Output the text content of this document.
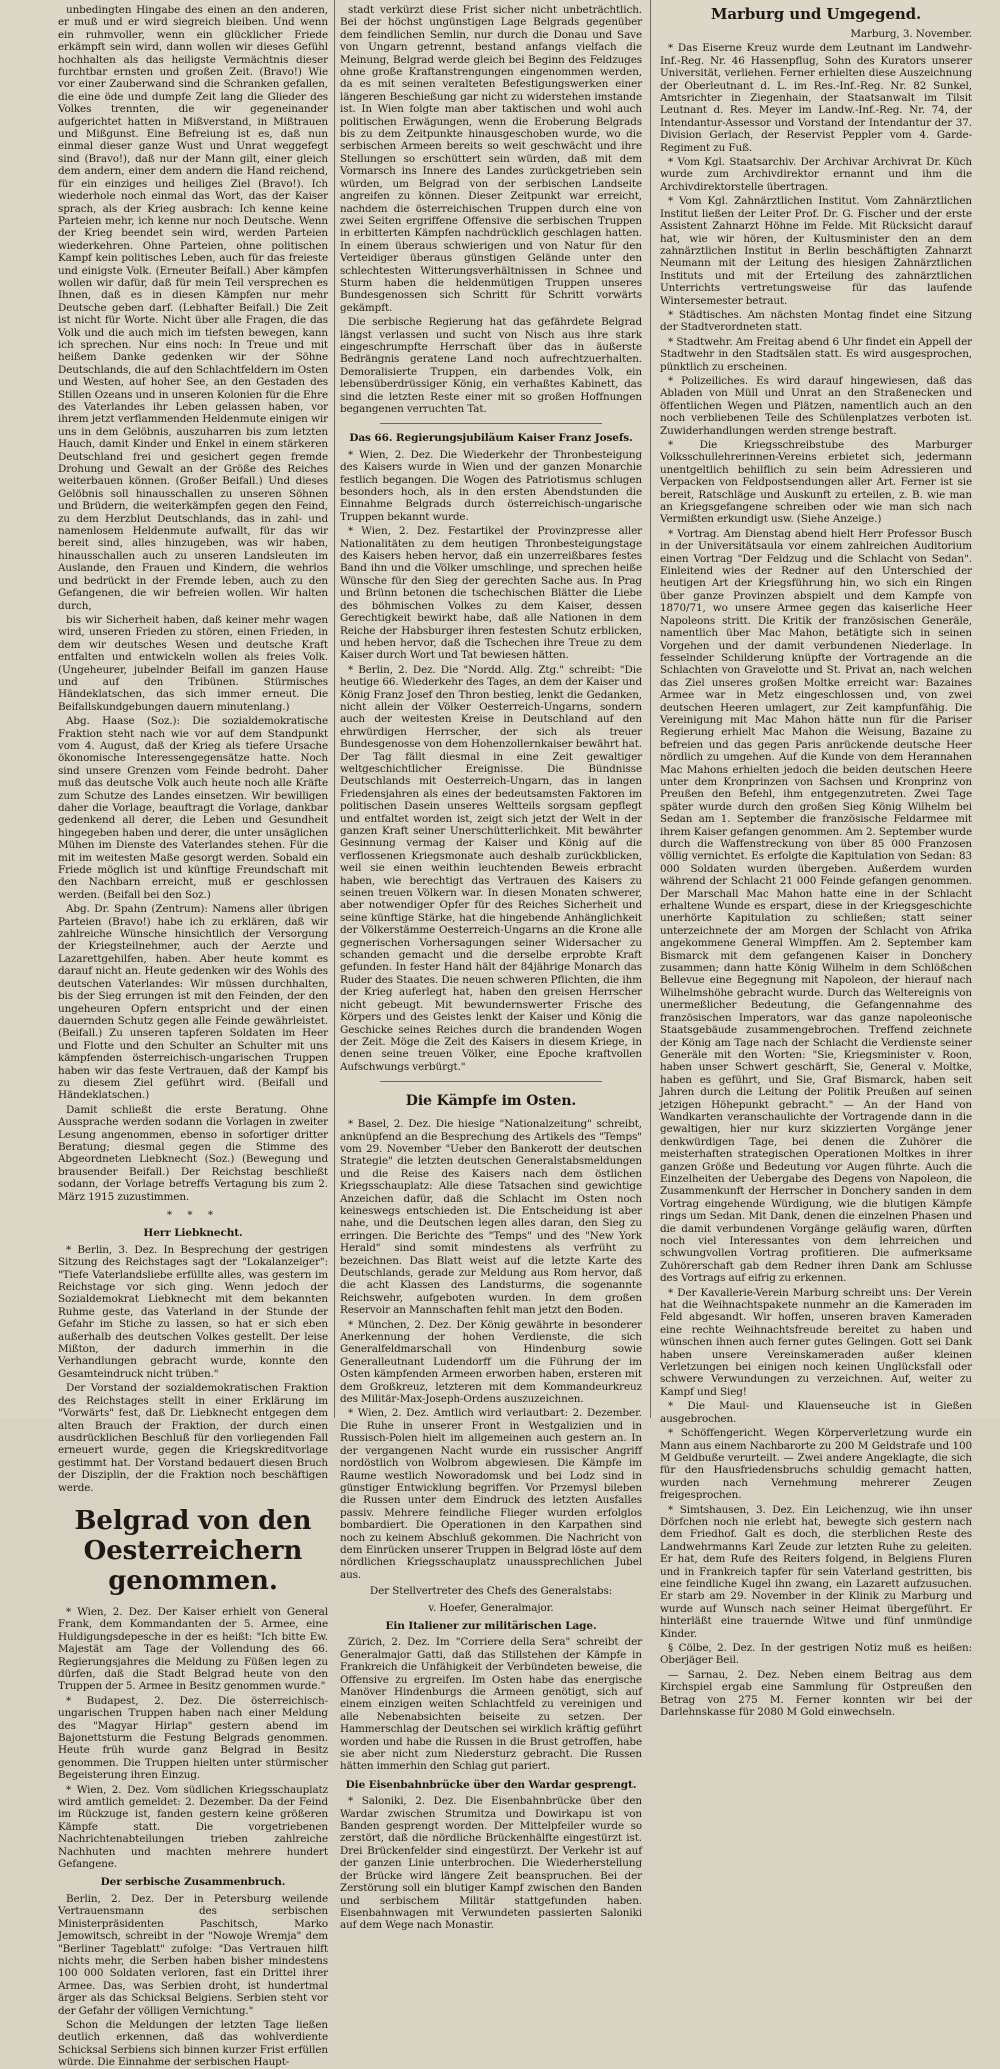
unbedingten Hingabe des einen an den anderen, er muß und er wird siegreich bleiben. Und wenn ein ruhmvoller, wenn ein glücklicher Friede erkämpft sein wird, dann wollen wir dieses Gefühl hochhalten als das heiligste Vermächtnis dieser furchtbar ernsten und großen Zeit. (Bravo!) Wie vor einer Zauberwand sind die Schranken gefallen, die eine öde und dumpfe Zeit lang die Glieder des Volkes trennten, die wir gegeneinander aufgerichtet hatten in Mißverstand, in Mißtrauen und Mißgunst. Eine Befreiung ist es, daß nun einmal dieser ganze Wust und Unrat weggefegt sind (Bravo!), daß nur der Mann gilt, einer gleich dem andern, einer dem andern die Hand reichend, für ein einziges und heiliges Ziel (Bravo!). Ich wiederhole noch einmal das Wort, das der Kaiser sprach, als der Krieg ausbrach: Ich kenne keine Parteien mehr, ich kenne nur noch Deutsche. Wenn der Krieg beendet sein wird, werden Parteien wiederkehren. Ohne Parteien, ohne politischen Kampf kein politisches Leben, auch für das freieste und einigste Volk. (Erneuter Beifall.) Aber kämpfen wollen wir dafür, daß für mein Teil versprechen es Ihnen, daß es in diesen Kämpfen nur mehr Deutsche geben darf. (Lebhafter Beifall.) Die Zeit ist nicht für Worte. Nicht über alle Fragen, die das Volk und die auch mich im tiefsten bewegen, kann ich sprechen. Nur eins noch: In Treue und mit heißem Danke gedenken wir der Söhne Deutschlands, die auf den Schlachtfeldern im Osten und Westen, auf hoher See, an den Gestaden des Stillen Ozeans und in unseren Kolonien für die Ehre des Vaterlandes ihr Leben gelassen haben, vor ihrem jetzt verflammenden Heldenmute einigen wir uns in dem Gelöbnis, auszuharren bis zum letzten Hauch, damit Kinder und Enkel in einem stärkeren Deutschland frei und gesichert gegen fremde Drohung und Gewalt an der Größe des Reiches weiterbauen können. (Großer Beifall.) Und dieses Gelöbnis soll hinausschallen zu unseren Söhnen und Brüdern, die weiterkämpfen gegen den Feind, zu dem Herzblut Deutschlands, das in zahl- und namenlosem Heldenmute aufwallt, für das wir bereit sind, alles hinzugeben, was wir haben, hinausschallen auch zu unseren Landsleuten im Auslande, den Frauen und Kindern, die wehrlos und bedrückt in der Fremde leben, auch zu den Gefangenen, die wir befreien wollen. Wir halten durch,

bis wir Sicherheit haben, daß keiner mehr wagen wird, unseren Frieden zu stören, einen Frieden, in dem wir deutsches Wesen und deutsche Kraft entfalten und entwickeln wollen als freies Volk. (Ungeheurer, jubelnder Beifall im ganzen Hause und auf den Tribünen. Stürmisches Händeklatschen, das sich immer erneut. Die Beifallskundgebungen dauern minutenlang.)

Abg. Haase (Soz.): Die sozialdemokratische Fraktion steht nach wie vor auf dem Standpunkt vom 4. August, daß der Krieg als tiefere Ursache ökonomische Interessengegensätze hatte. Noch sind unsere Grenzen vom Feinde bedroht. Daher muß das deutsche Volk auch heute noch alle Kräfte zum Schutze des Landes einsetzen. Wir bewilligen daher die Vorlage, beauftragt die Vorlage, dankbar gedenkend all derer, die Leben und Gesundheit hingegeben haben und derer, die unter unsäglichen Mühen im Dienste des Vaterlandes stehen. Für die mit im weitesten Maße gesorgt werden. Sobald ein Friede möglich ist und künftige Freundschaft mit den Nachbarn erreicht, muß er geschlossen werden. (Beifall bei den Soz.)

Abg. Dr. Spahn (Zentrum): Namens aller übrigen Parteien (Bravo!) habe ich zu erklären, daß wir zahlreiche Wünsche hinsichtlich der Versorgung der Kriegsteilnehmer, auch der Aerzte und Lazarettgehilfen, haben. Aber heute kommt es darauf nicht an. Heute gedenken wir des Wohls des deutschen Vaterlandes: Wir müssen durchhalten, bis der Sieg errungen ist mit den Feinden, der den ungeheuren Opfern entspricht und der einen dauernden Schutz gegen alle Feinde gewährleistet. (Beifall.) Zu unseren tapferen Soldaten im Heer und Flotte und den Schulter an Schulter mit uns kämpfenden österreichisch-ungarischen Truppen haben wir das feste Vertrauen, daß der Kampf bis zu diesem Ziel geführt wird. (Beifall und Händeklatschen.)

Damit schließt die erste Beratung. Ohne Aussprache werden sodann die Vorlagen in zweiter Lesung angenommen, ebenso in sofortiger dritter Beratung; diesmal gegen die Stimme des Abgeordneten Liebknecht (Soz.) (Bewegung und brausender Beifall.) Der Reichstag beschließt sodann, der Vorlage betreffs Vertagung bis zum 2. März 1915 zuzustimmen.

* * *

Herr Liebknecht.

* Berlin, 3. Dez. In Besprechung der gestrigen Sitzung des Reichstages sagt der "Lokalanzeiger": "Tiefe Vaterlandsliebe erfüllte alles, was gestern im Reichstage vor sich ging. Wenn jedoch der Sozialdemokrat Liebknecht mit dem bekannten Ruhme geste, das Vaterland in der Stunde der Gefahr im Stiche zu lassen, so hat er sich eben außerhalb des deutschen Volkes gestellt. Der leise Mißton, der dadurch immerhin in die Verhandlungen gebracht wurde, konnte den Gesamteindruck nicht trüben."

Der Vorstand der sozialdemokratischen Fraktion des Reichstages stellt in einer Erklärung im "Vorwärts" fest, daß Dr. Liebknecht entgegen dem alten Brauch der Fraktion, der durch einen ausdrücklichen Beschluß für den vorliegenden Fall erneuert wurde, gegen die Kriegskreditvorlage gestimmt hat. Der Vorstand bedauert diesen Bruch der Disziplin, der die Fraktion noch beschäftigen werde.

Belgrad von den Oesterreichern genommen.

* Wien, 2. Dez. Der Kaiser erhielt von General Frank, dem Kommandanten der 5. Armee, eine Huldigungsdepesche in der es heißt: "Ich bitte Ew. Majestät am Tage der Vollendung des 66. Regierungsjahres die Meldung zu Füßen legen zu dürfen, daß die Stadt Belgrad heute von den Truppen der 5. Armee in Besitz genommen wurde."

* Budapest, 2. Dez. Die österreichisch-ungarischen Truppen haben nach einer Meldung des "Magyar Hirlap" gestern abend im Bajonettsturm die Festung Belgrads genommen. Heute früh wurde ganz Belgrad in Besitz genommen. Die Truppen hielten unter stürmischer Begeisterung ihren Einzug.

* Wien, 2. Dez. Vom südlichen Kriegsschauplatz wird amtlich gemeldet: 2. Dezember. Da der Feind im Rückzuge ist, fanden gestern keine größeren Kämpfe statt. Die vorgetriebenen Nachrichtenabteilungen trieben zahlreiche Nachhuten und machten mehrere hundert Gefangene.

Der serbische Zusammenbruch.

Berlin, 2. Dez. Der in Petersburg weilende Vertrauensmann des serbischen Ministerpräsidenten Paschitsch, Marko Jemowitsch, schreibt in der "Nowoje Wremja" dem "Berliner Tageblatt" zufolge: "Das Vertrauen hilft nichts mehr, die Serben haben bisher mindestens 100 000 Soldaten verloren, fast ein Drittel ihrer Armee. Das, was Serbien droht, ist hundertmal ärger als das Schicksal Belgiens. Serbien steht vor der Gefahr der völligen Vernichtung."

Schon die Meldungen der letzten Tage ließen deutlich erkennen, daß das wohlverdiente Schicksal Serbiens sich binnen kurzer Frist erfüllen würde. Die Einnahme der serbischen Haupt-

stadt verkürzt diese Frist sicher nicht unbeträchtlich. Bei der höchst ungünstigen Lage Belgrads gegenüber dem feindlichen Semlin, nur durch die Donau und Save von Ungarn getrennt, bestand anfangs vielfach die Meinung, Belgrad werde gleich bei Beginn des Feldzuges ohne große Kraftanstrengungen eingenommen werden, da es mit seinen veralteten Befestigungswerken einer längeren Beschießung gar nicht zu widerstehen imstande ist. In Wien folgte man aber taktischen und wohl auch politischen Erwägungen, wenn die Eroberung Belgrads bis zu dem Zeitpunkte hinausgeschoben wurde, wo die serbischen Armeen bereits so weit geschwächt und ihre Stellungen so erschüttert sein würden, daß mit dem Vormarsch ins Innere des Landes zurückgetrieben sein würden, um Belgrad von der serbischen Landseite angreifen zu können. Dieser Zeitpunkt war erreicht, nachdem die österreichischen Truppen durch eine von zwei Seiten ergriffene Offensive die serbischen Truppen in erbitterten Kämpfen nachdrücklich geschlagen hatten. In einem überaus schwierigen und von Natur für den Verteidiger überaus günstigen Gelände unter den schlechtesten Witterungsverhältnissen in Schnee und Sturm haben die heldenmütigen Truppen unseres Bundesgenossen sich Schritt für Schritt vorwärts gekämpft.

Die serbische Regierung hat das gefährdete Belgrad längst verlassen und sucht von Nisch aus ihre stark eingeschrumpfte Herrschaft über das in äußerste Bedrängnis geratene Land noch aufrechtzuerhalten. Demoralisierte Truppen, ein darbendes Volk, ein lebensüberdrüssiger König, ein verhaßtes Kabinett, das sind die letzten Reste einer mit so großen Hoffnungen begangenen verruchten Tat.

Das 66. Regierungsjubiläum Kaiser Franz Josefs.

* Wien, 2. Dez. Die Wiederkehr der Thronbesteigung des Kaisers wurde in Wien und der ganzen Monarchie festlich begangen. Die Wogen des Patriotismus schlugen besonders hoch, als in den ersten Abendstunden die Einnahme Belgrads durch österreichisch-ungarische Truppen bekannt wurde.

* Wien, 2. Dez. Festartikel der Provinzpresse aller Nationalitäten zu dem heutigen Thronbesteigungstage des Kaisers heben hervor, daß ein unzerreißbares festes Band ihn und die Völker umschlinge, und sprechen heiße Wünsche für den Sieg der gerechten Sache aus. In Prag und Brünn betonen die tschechischen Blätter die Liebe des böhmischen Volkes zu dem Kaiser, dessen Gerechtigkeit bewirkt habe, daß alle Nationen in dem Reiche der Habsburger ihren festesten Schutz erblicken, und heben hervor, daß die Tschechen ihre Treue zu dem Kaiser durch Wort und Tat bewiesen hätten.

* Berlin, 2. Dez. Die "Nordd. Allg. Ztg." schreibt: "Die heutige 66. Wiederkehr des Tages, an dem der Kaiser und König Franz Josef den Thron bestieg, lenkt die Gedanken, nicht allein der Völker Oesterreich-Ungarns, sondern auch der weitesten Kreise in Deutschland auf den ehrwürdigen Herrscher, der sich als treuer Bundesgenosse von dem Hohenzollernkaiser bewährt hat. Der Tag fällt diesmal in eine Zeit gewaltiger weltgeschichtlicher Ereignisse. Die Bündnisse Deutschlands mit Oesterreich-Ungarn, das in langen Friedensjahren als eines der bedeutsamsten Faktoren im politischen Dasein unseres Weltteils sorgsam gepflegt und entfaltet worden ist, zeigt sich jetzt der Welt in der ganzen Kraft seiner Unerschütterlichkeit. Mit bewährter Gesinnung vermag der Kaiser und König auf die verflossenen Kriegsmonate auch deshalb zurückblicken, weil sie einen weithin leuchtenden Beweis erbracht haben, wie berechtigt das Vertrauen des Kaisers zu seinen treuen Völkern war. In diesen Monaten schwerer, aber notwendiger Opfer für des Reiches Sicherheit und seine künftige Stärke, hat die hingebende Anhänglichkeit der Völkerstämme Oesterreich-Ungarns an die Krone alle gegnerischen Vorhersagungen seiner Widersacher zu schanden gemacht und die derselbe erprobte Kraft gefunden. In fester Hand hält der 84jährige Monarch das Ruder des Staates. Die neuen schweren Pflichten, die ihm der Krieg auferlegt hat, haben den greisen Herrscher nicht gebeugt. Mit bewundernswerter Frische des Körpers und des Geistes lenkt der Kaiser und König die Geschicke seines Reiches durch die brandenden Wogen der Zeit. Möge die Zeit des Kaisers in diesem Kriege, in denen seine treuen Völker, eine Epoche kraftvollen Aufschwungs verbürgt."

Die Kämpfe im Osten.

* Basel, 2. Dez. Die hiesige "Nationalzeitung" schreibt, anknüpfend an die Besprechung des Artikels des "Temps" vom 29. November "Ueber den Bankerott der deutschen Strategie" die letzten deutschen Generalstabsmeldungen und die Reise des Kaisers nach dem östlichen Kriegsschauplatz: Alle diese Tatsachen sind gewichtige Anzeichen dafür, daß die Schlacht im Osten noch keineswegs entschieden ist. Die Entscheidung ist aber nahe, und die Deutschen legen alles daran, den Sieg zu erringen. Die Berichte des "Temps" und des "New York Herald" sind somit mindestens als verfrüht zu bezeichnen. Das Blatt weist auf die letzte Karte des Deutschlands, gerade zur Meldung aus Rom hervor, daß die acht Klassen des Landsturms, die sogenannte Reichswehr, aufgeboten wurden. In dem großen Reservoir an Mannschaften fehlt man jetzt den Boden.

* München, 2. Dez. Der König gewährte in besonderer Anerkennung der hohen Verdienste, die sich Generalfeldmarschall von Hindenburg sowie Generalleutnant Ludendorff um die Führung der im Osten kämpfenden Armeen erworben haben, ersteren mit dem Großkreuz, letzteren mit dem Kommandeurkreuz des Militär-Max-Joseph-Ordens auszuzeichnen.

* Wien, 2. Dez. Amtlich wird verlautbart: 2. Dezember. Die Ruhe in unserer Front in Westgalizien und in Russisch-Polen hielt im allgemeinen auch gestern an. In der vergangenen Nacht wurde ein russischer Angriff nordöstlich von Wolbrom abgewiesen. Die Kämpfe im Raume westlich Noworadomsk und bei Lodz sind in günstiger Entwicklung begriffen. Vor Przemysl bileben die Russen unter dem Eindruck des letzten Ausfalles passiv. Mehrere feindliche Flieger wurden erfolglos bombardiert. Die Operationen in den Karpathen sind noch zu keinem Abschluß gekommen. Die Nachricht von dem Einrücken unserer Truppen in Belgrad löste auf dem nördlichen Kriegsschauplatz unaussprechlichen Jubel aus.

Der Stellvertreter des Chefs des Generalstabs:

v. Hoefer, Generalmajor.

Ein Italiener zur militärischen Lage.

Zürich, 2. Dez. Im "Corriere della Sera" schreibt der Generalmajor Gatti, daß das Stillstehen der Kämpfe in Frankreich die Unfähigkeit der Verbündeten beweise, die Offensive zu ergreifen. Im Osten habe das energische Manöver Hindenburgs die Armeen genötigt, sich auf einem einzigen weiten Schlachtfeld zu vereinigen und alle Nebenabsichten beiseite zu setzen. Der Hammerschlag der Deutschen sei wirklich kräftig geführt worden und habe die Russen in die Brust getroffen, habe sie aber nicht zum Niedersturz gebracht. Die Russen hätten immerhin den Schlag gut pariert.

Die Eisenbahnbrücke über den Wardar gesprengt.

* Saloniki, 2. Dez. Die Eisenbahnbrücke über den Wardar zwischen Strumitza und Dowirkapu ist von Banden gesprengt worden. Der Mittelpfeiler wurde so zerstört, daß die nördliche Brückenhälfte eingestürzt ist. Drei Brückenfelder sind eingestürzt. Der Verkehr ist auf der ganzen Linie unterbrochen. Die Wiederherstellung der Brücke wird längere Zeit beanspruchen. Bei der Zerstörung soll ein blutiger Kampf zwischen den Banden und serbischem Militär stattgefunden haben. Eisenbahnwagen mit Verwundeten passierten Saloniki auf dem Wege nach Monastir.

Marburg und Umgegend.

Marburg, 3. November.

* Das Eiserne Kreuz wurde dem Leutnant im Landwehr-Inf.-Reg. Nr. 46 Hassenpflug, Sohn des Kurators unserer Universität, verliehen. Ferner erhielten diese Auszeichnung der Oberleutnant d. L. im Res.-Inf.-Reg. Nr. 82 Sunkel, Amtsrichter in Ziegenhain, der Staatsanwalt im Tilsit Leutnant d. Res. Meyer im Landw.-Inf.-Reg. Nr. 74, der Intendantur-Assessor und Vorstand der Intendantur der 37. Division Gerlach, der Reservist Peppler vom 4. Garde-Regiment zu Fuß.

* Vom Kgl. Staatsarchiv. Der Archivar Archivrat Dr. Küch wurde zum Archivdirektor ernannt und ihm die Archivdirektorstelle übertragen.

* Vom Kgl. Zahnärztlichen Institut. Vom Zahnärztlichen Institut ließen der Leiter Prof. Dr. G. Fischer und der erste Assistent Zahnarzt Höhne im Felde. Mit Rücksicht darauf hat, wie wir hören, der Kultusminister den an dem zahnärztlichen Institut in Berlin beschäftigten Zahnarzt Neumann mit der Leitung des hiesigen Zahnärztlichen Instituts und mit der Erteilung des zahnärztlichen Unterrichts vertretungsweise für das laufende Wintersemester betraut.

* Städtisches. Am nächsten Montag findet eine Sitzung der Stadtverordneten statt.

* Stadtwehr. Am Freitag abend 6 Uhr findet ein Appell der Stadtwehr in den Stadtsälen statt. Es wird ausgesprochen, pünktlich zu erscheinen.

* Polizeiliches. Es wird darauf hingewiesen, daß das Abladen von Müll und Unrat an den Straßenecken und öffentlichen Wegen und Plätzen, namentlich auch an den noch verbliebenen Teile des Schülenplatzes verboten ist. Zuwiderhandlungen werden strenge bestraft.

* Die Kriegsschreibstube des Marburger Volksschullehrerinnen-Vereins erbietet sich, jedermann unentgeltlich behilflich zu sein beim Adressieren und Verpacken von Feldpostsendungen aller Art. Ferner ist sie bereit, Ratschläge und Auskunft zu erteilen, z. B. wie man an Kriegsgefangene schreiben oder wie man sich nach Vermißten erkundigt usw. (Siehe Anzeige.)

* Vortrag. Am Dienstag abend hielt Herr Professor Busch in der Universitätsaula vor einem zahlreichen Auditorium einen Vortrag "Der Feldzug und die Schlacht von Sedan". Einleitend wies der Redner auf den Unterschied der heutigen Art der Kriegsführung hin, wo sich ein Ringen über ganze Provinzen abspielt und dem Kampfe von 1870/71, wo unsere Armee gegen das kaiserliche Heer Napoleons stritt. Die Kritik der französischen Generäle, namentlich über Mac Mahon, betätigte sich in seinen Vorgehen und der damit verbundenen Niederlage. In fesselnder Schilderung knüpfte der Vortragende an die Schlachten von Gravelotte und St. Privat an, nach welchen das Ziel unseres großen Moltke erreicht war: Bazaines Armee war in Metz eingeschlossen und, von zwei deutschen Heeren umlagert, zur Zeit kampfunfähig. Die Vereinigung mit Mac Mahon hätte nun für die Pariser Regierung erhielt Mac Mahon die Weisung, Bazaine zu befreien und das gegen Paris anrückende deutsche Heer nördlich zu umgehen. Auf die Kunde von dem Herannahen Mac Mahons erhielten jedoch die beiden deutschen Heere unter dem Kronprinzen von Sachsen und Kronprinz von Preußen den Befehl, ihm entgegenzutreten. Zwei Tage später wurde durch den großen Sieg König Wilhelm bei Sedan am 1. September die französische Feldarmee mit ihrem Kaiser gefangen genommen. Am 2. September wurde durch die Waffenstreckung von über 85 000 Franzosen völlig vernichtet. Es erfolgte die Kapitulation von Sedan: 83 000 Soldaten wurden übergeben. Außerdem wurden während der Schlacht 21 000 Feinde gefangen genommen. Der Marschall Mac Mahon hatte eine in der Schlacht erhaltene Wunde es erspart, diese in der Kriegsgeschichte unerhörte Kapitulation zu schließen; statt seiner unterzeichnete der am Morgen der Schlacht von Afrika angekommene General Wimpffen. Am 2. September kam Bismarck mit dem gefangenen Kaiser in Donchery zusammen; dann hatte König Wilhelm in dem Schlößchen Bellevue eine Begegnung mit Napoleon, der hierauf nach Wilhelmshöhe gebracht wurde. Durch das Weltereignis von unermeßlicher Bedeutung, die Gefangennahme des französischen Imperators, war das ganze napoleonische Staatsgebäude zusammengebrochen. Treffend zeichnete der König am Tage nach der Schlacht die Verdienste seiner Generäle mit den Worten: "Sie, Kriegsminister v. Roon, haben unser Schwert geschärft, Sie, General v. Moltke, haben es geführt, und Sie, Graf Bismarck, haben seit Jahren durch die Leitung der Politik Preußen auf seinen jetzigen Höhepunkt gebracht." — An der Hand von Wandkarten veranschaulichte der Vortragende dann in die gewaltigen, hier nur kurz skizzierten Vorgänge jener denkwürdigen Tage, bei denen die Zuhörer die meisterhaften strategischen Operationen Moltkes in ihrer ganzen Größe und Bedeutung vor Augen führte. Auch die Einzelheiten der Uebergabe des Degens von Napoleon, die Zusammenkunft der Herrscher in Donchery sanden in dem Vortrag eingehende Würdigung, wie die blutigen Kämpfe rings um Sedan. Mit Dank, denen die einzelnen Phasen und die damit verbundenen Vorgänge geläufig waren, dürften noch viel Interessantes von dem lehrreichen und schwungvollen Vortrag profitieren. Die aufmerksame Zuhörerschaft gab dem Redner ihren Dank am Schlusse des Vortrags auf eifrig zu erkennen.

* Der Kavallerie-Verein Marburg schreibt uns: Der Verein hat die Weihnachtspakete nunmehr an die Kameraden im Feld abgesandt. Wir hoffen, unseren braven Kameraden eine rechte Weihnachtsfreude bereitet zu haben und wünschen ihnen auch ferner gutes Gelingen. Gott sei Dank haben unsere Vereinskameraden außer kleinen Verletzungen bei einigen noch keinen Unglücksfall oder schwere Verwundungen zu verzeichnen. Auf, weiter zu Kampf und Sieg!

* Die Maul- und Klauenseuche ist in Gießen ausgebrochen.

* Schöffengericht. Wegen Körperverletzung wurde ein Mann aus einem Nachbarorte zu 200 M Geldstrafe und 100 M Geldbuße verurteilt. — Zwei andere Angeklagte, die sich für den Hausfriedensbruchs schuldig gemacht hatten, wurden nach Vernehmung mehrerer Zeugen freigesprochen.

* Simtshausen, 3. Dez. Ein Leichenzug, wie ihn unser Dörfchen noch nie erlebt hat, bewegte sich gestern nach dem Friedhof. Galt es doch, die sterblichen Reste des Landwehrmanns Karl Zeude zur letzten Ruhe zu geleiten. Er hat, dem Rufe des Reiters folgend, in Belgiens Fluren und in Frankreich tapfer für sein Vaterland gestritten, bis eine feindliche Kugel ihn zwang, ein Lazarett aufzusuchen. Er starb am 29. November in der Klinik zu Marburg und wurde auf Wunsch nach seiner Heimat übergeführt. Er hinterläßt eine trauernde Witwe und fünf unmündige Kinder.

§ Cölbe, 2. Dez. In der gestrigen Notiz muß es heißen: Oberjäger Beil.

— Sarnau, 2. Dez. Neben einem Beitrag aus dem Kirchspiel ergab eine Sammlung für Ostpreußen den Betrag von 275 M. Ferner konnten wir bei der Darlehnskasse für 2080 M Gold einwechseln.
